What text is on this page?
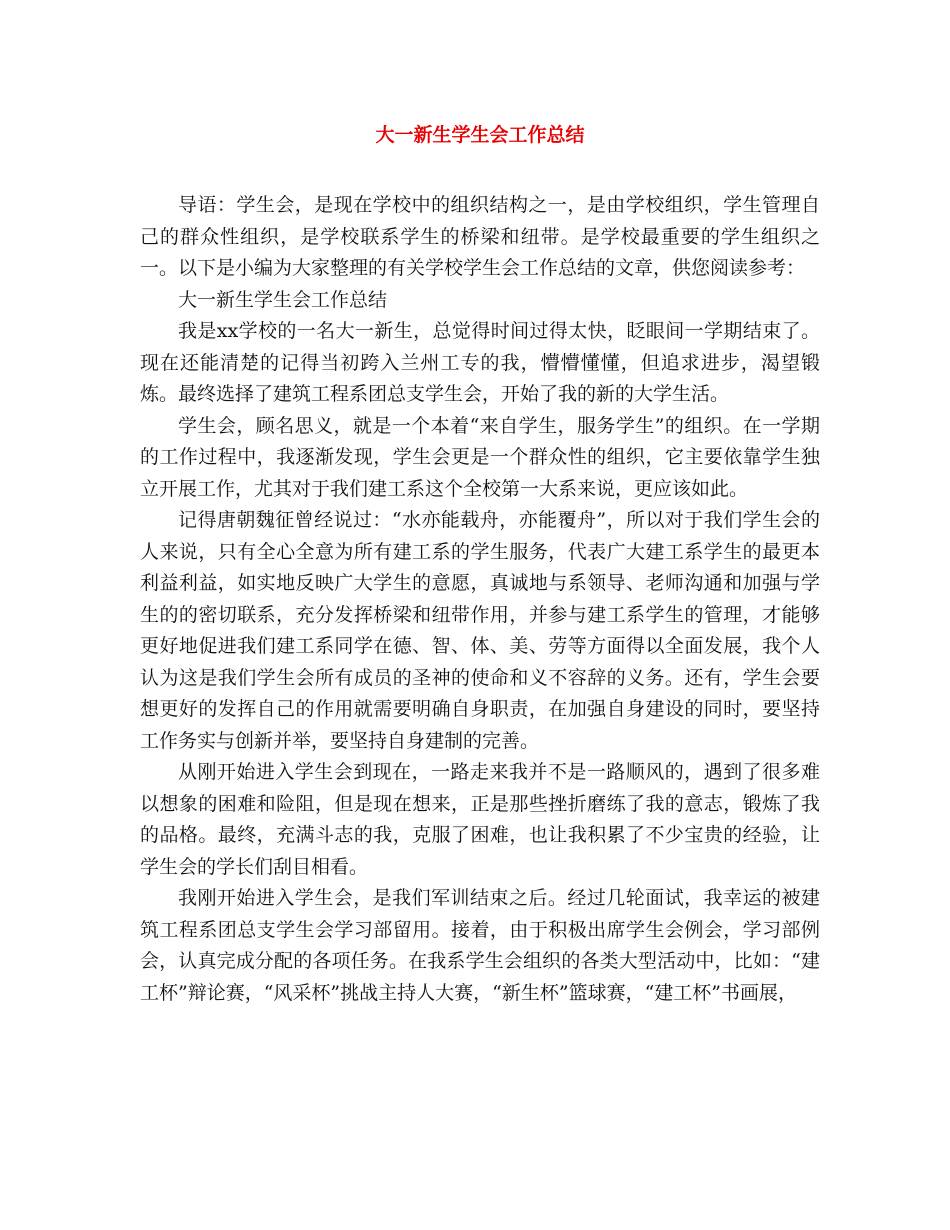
大一新生学生会工作总结

导语：学生会，是现在学校中的组织结构之一，是由学校组织，学生管理自己的群众性组织，是学校联系学生的桥梁和纽带。是学校最重要的学生组织之一。以下是小编为大家整理的有关学校学生会工作总结的文章，供您阅读参考：

大一新生学生会工作总结

我是xx学校的一名大一新生，总觉得时间过得太快，眨眼间一学期结束了。现在还能清楚的记得当初跨入兰州工专的我，懵懵懂懂，但追求进步，渴望锻炼。最终选择了建筑工程系团总支学生会，开始了我的新的大学生活。

学生会，顾名思义，就是一个本着“来自学生，服务学生”的组织。在一学期的工作过程中，我逐渐发现，学生会更是一个群众性的组织，它主要依靠学生独立开展工作，尤其对于我们建工系这个全校第一大系来说，更应该如此。

记得唐朝魏征曾经说过：“水亦能载舟，亦能覆舟”，所以对于我们学生会的人来说，只有全心全意为所有建工系的学生服务，代表广大建工系学生的最更本利益利益，如实地反映广大学生的意愿，真诚地与系领导、老师沟通和加强与学生的的密切联系，充分发挥桥梁和纽带作用，并参与建工系学生的管理，才能够更好地促进我们建工系同学在德、智、体、美、劳等方面得以全面发展，我个人认为这是我们学生会所有成员的圣神的使命和义不容辞的义务。还有，学生会要想更好的发挥自己的作用就需要明确自身职责，在加强自身建设的同时，要坚持工作务实与创新并举，要坚持自身建制的完善。

从刚开始进入学生会到现在，一路走来我并不是一路顺风的，遇到了很多难以想象的困难和险阻，但是现在想来，正是那些挫折磨练了我的意志，锻炼了我的品格。最终，充满斗志的我，克服了困难，也让我积累了不少宝贵的经验，让学生会的学长们刮目相看。

我刚开始进入学生会，是我们军训结束之后。经过几轮面试，我幸运的被建筑工程系团总支学生会学习部留用。接着，由于积极出席学生会例会，学习部例会，认真完成分配的各项任务。在我系学生会组织的各类大型活动中，比如：“建工杯”辩论赛，“风采杯”挑战主持人大赛，“新生杯”篮球赛，“建工杯”书画展，
